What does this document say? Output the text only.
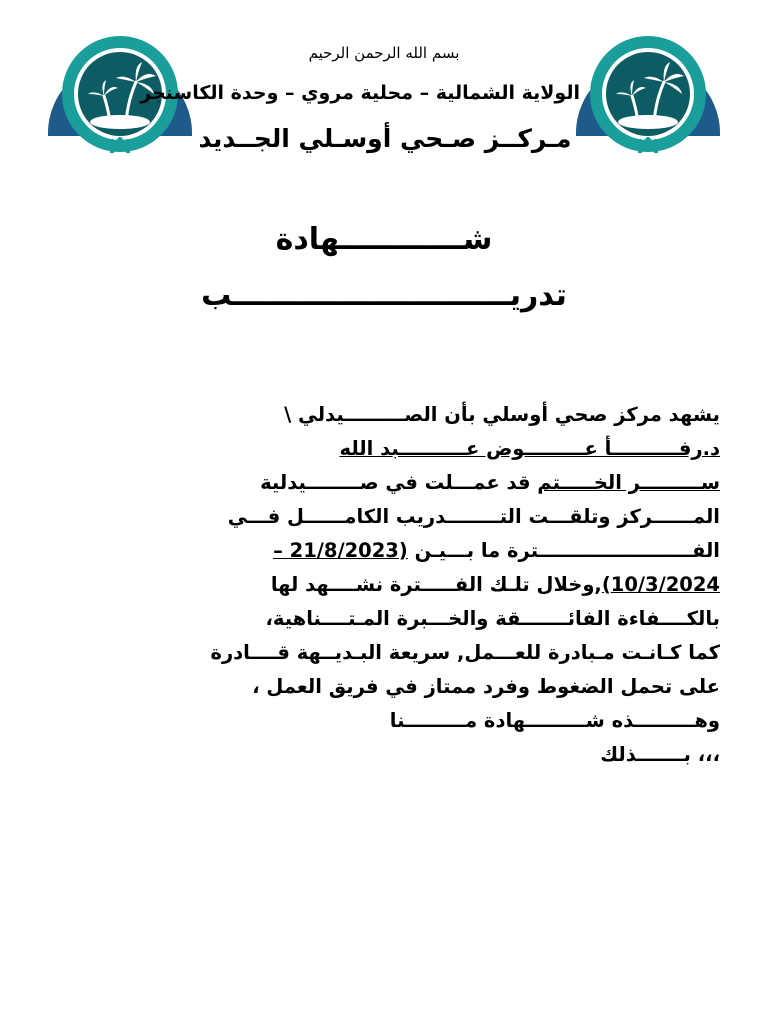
بسم الله الرحمن الرحيم
الولاية الشمالية – محلية مروي – وحدة الكاسنجر
مـركــز صـحي أوسـلي الجــديد
شــــــــــــهادة
تدريـــــــــــــــــــــــــــب
يشهد مركز صحي أوسلي بأن الصـــــــــيدلي \
د.رفــــــــــأ عـــــــــوض عــــــــــبد الله
ســـــــــر الخـــــتم قد عمـــلت في صــــــــيدلية
المــــــركز وتلقـــت التــــــــدريب الكامــــــل فـــي
الفـــــــــــــــــــــــترة ما بـــيـن (21/8/2023 –
10/3/2024),وخلال تلـك الفـــــترة نشــــهد لها
بالكــــفاءة الفائـــــــقة والخـــبرة المـتــــناهية،
كما كـانـت مـبادرة للعـــمل, سريعة البـديــهة قــــادرة
على تحمل الضغوط وفرد ممتاز في فريق العمل ،
وهـــــــــذه شـــــــــهادة مـــــــــنا
،،، بـــــــذلك
